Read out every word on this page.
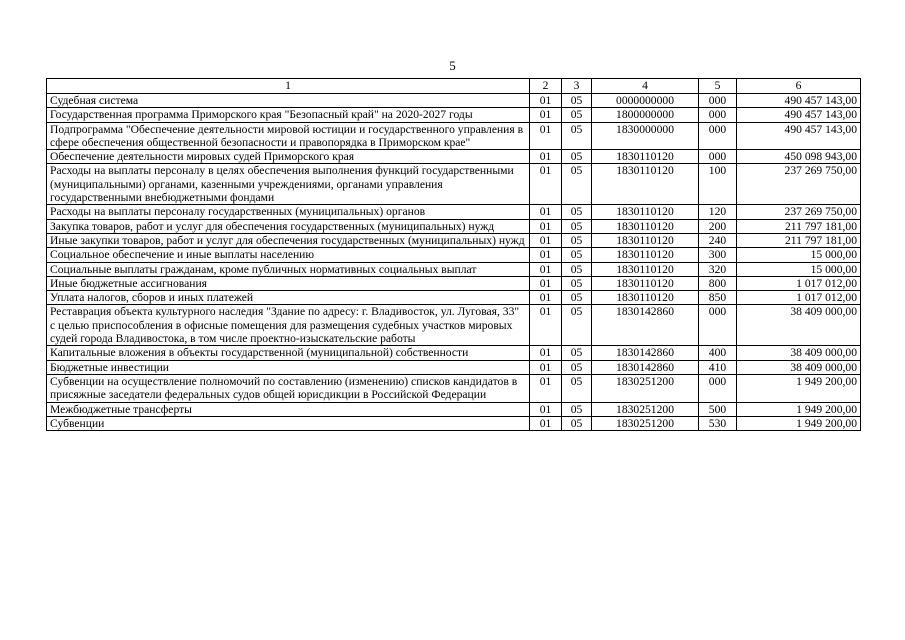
5
1	2	3	4	5	6
Судебная система	01	05	0000000000	000	490 457 143,00
Государственная программа Приморского края "Безопасный край" на 2020-2027 годы	01	05	1800000000	000	490 457 143,00
Подпрограмма "Обеспечение деятельности мировой юстиции и государственного управления в сфере обеспечения общественной безопасности и правопорядка в Приморском крае"	01	05	1830000000	000	490 457 143,00
Обеспечение деятельности мировых судей Приморского края	01	05	1830110120	000	450 098 943,00
Расходы на выплаты персоналу в целях обеспечения выполнения функций государственными (муниципальными) органами, казенными учреждениями, органами управления государственными внебюджетными фондами	01	05	1830110120	100	237 269 750,00
Расходы на выплаты персоналу государственных (муниципальных) органов	01	05	1830110120	120	237 269 750,00
Закупка товаров, работ и услуг для обеспечения государственных (муниципальных) нужд	01	05	1830110120	200	211 797 181,00
Иные закупки товаров, работ и услуг для обеспечения государственных (муниципальных) нужд	01	05	1830110120	240	211 797 181,00
Социальное обеспечение и иные выплаты населению	01	05	1830110120	300	15 000,00
Социальные выплаты гражданам, кроме публичных нормативных социальных выплат	01	05	1830110120	320	15 000,00
Иные бюджетные ассигнования	01	05	1830110120	800	1 017 012,00
Уплата налогов, сборов и иных платежей	01	05	1830110120	850	1 017 012,00
Реставрация объекта культурного наследия "Здание по адресу: г. Владивосток, ул. Луговая, 33" с целью приспособления в офисные помещения для размещения судебных участков мировых судей города Владивостока, в том числе проектно-изыскательские работы	01	05	1830142860	000	38 409 000,00
Капитальные вложения в объекты государственной (муниципальной) собственности	01	05	1830142860	400	38 409 000,00
Бюджетные инвестиции	01	05	1830142860	410	38 409 000,00
Субвенции на осуществление полномочий по составлению (изменению) списков кандидатов в присяжные заседатели федеральных судов общей юрисдикции в Российской Федерации	01	05	1830251200	000	1 949 200,00
Межбюджетные трансферты	01	05	1830251200	500	1 949 200,00
Субвенции	01	05	1830251200	530	1 949 200,00
